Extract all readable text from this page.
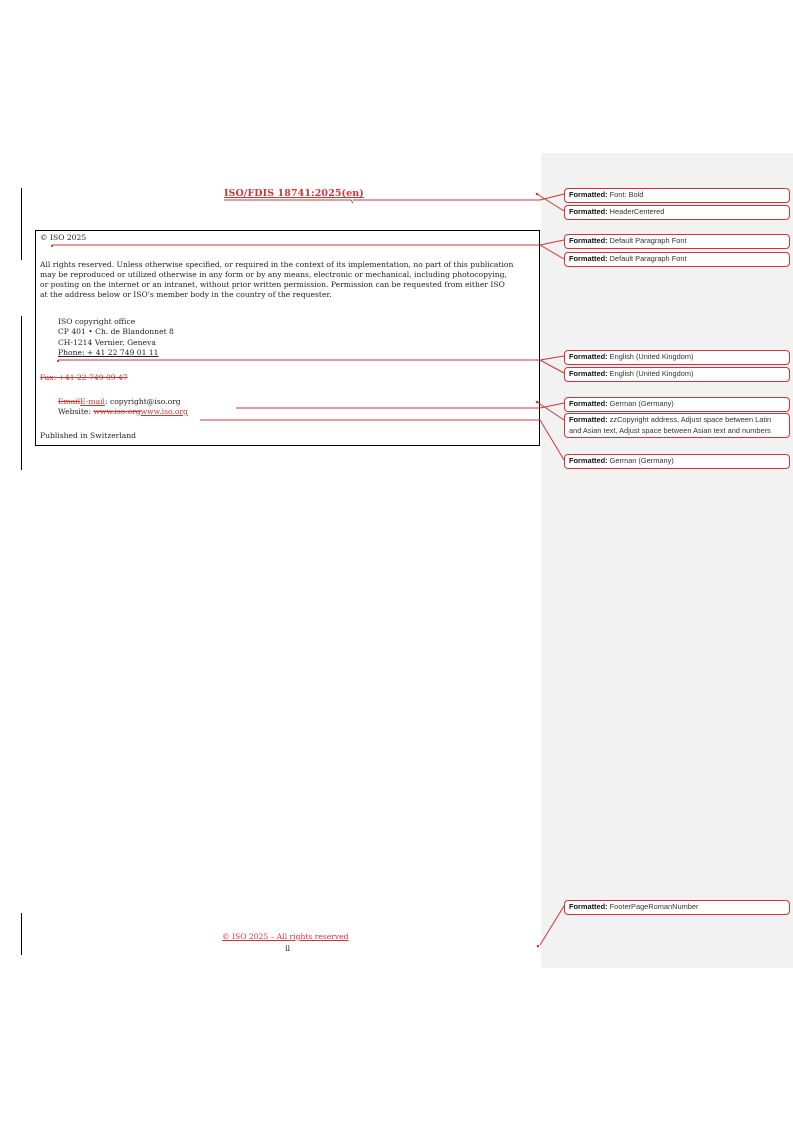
ISO/FDIS 18741:2025(en)
© ISO 2025
All rights reserved. Unless otherwise specified, or required in the context of its implementation, no part of this publication
may be reproduced or utilized otherwise in any form or by any means, electronic or mechanical, including photocopying,
or posting on the internet or an intranet, without prior written permission. Permission can be requested from either ISO
at the address below or ISO's member body in the country of the requester.
ISO copyright office
CP 401 • Ch. de Blandonnet 8
CH-1214 Vernier, Geneva
Phone: + 41 22 749 01 11
Fax: +41 22 749 09 47
EmailE-mail: copyright@iso.org
Website: www.iso.orgwww.iso.org
Published in Switzerland
© ISO 2025 – All rights reserved
ii
Formatted: Font: Bold
Formatted: HeaderCentered
Formatted: Default Paragraph Font
Formatted: Default Paragraph Font
Formatted: English (United Kingdom)
Formatted: English (United Kingdom)
Formatted: German (Germany)
Formatted: zzCopyright address, Adjust space between Latin and Asian text, Adjust space between Asian text and numbers
Formatted: German (Germany)
Formatted: FooterPageRomanNumber
